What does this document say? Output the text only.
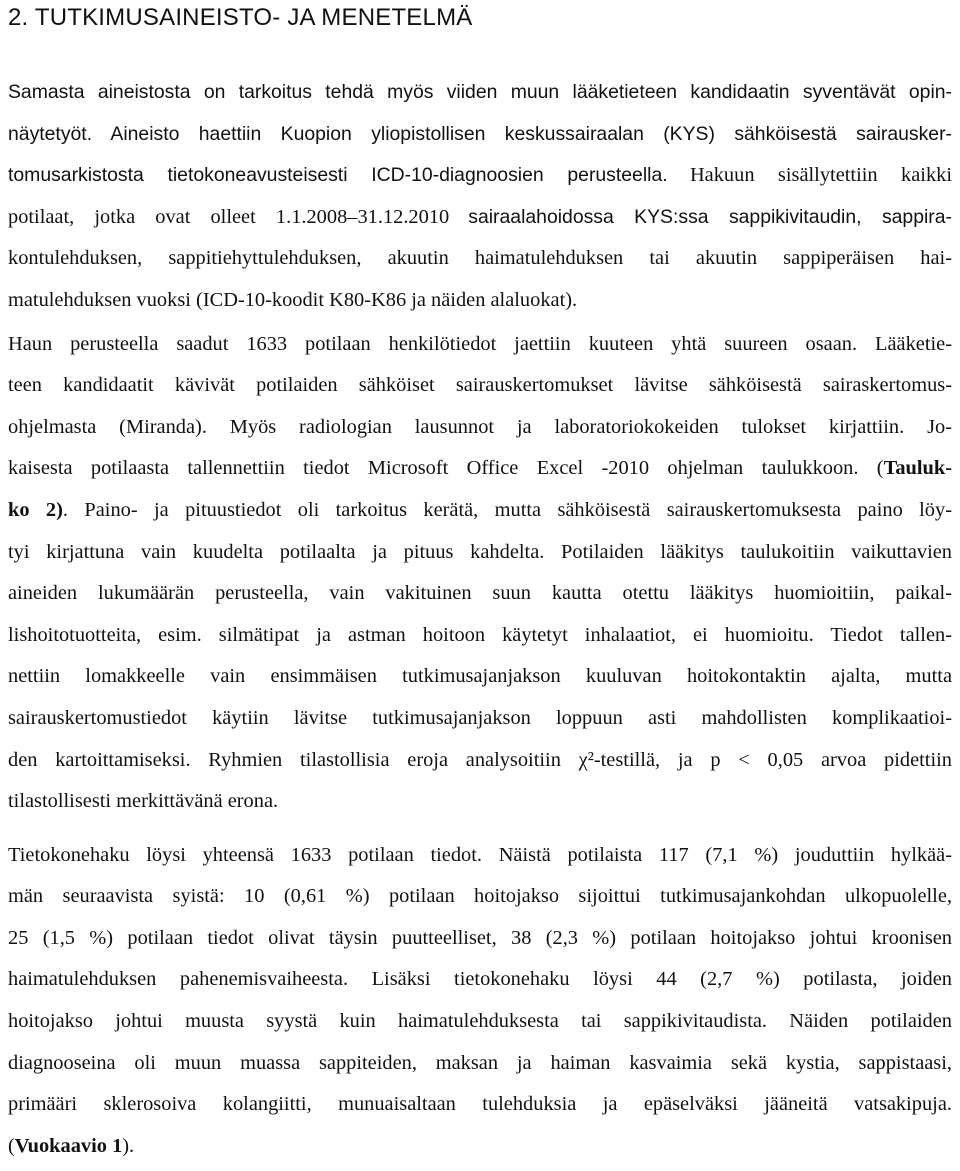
2. TUTKIMUSAINEISTO- JA MENETELMÄ
Samasta aineistosta on tarkoitus tehdä myös viiden muun lääketieteen kandidaatin syventävät opin-
näytetyöt. Aineisto haettiin Kuopion yliopistollisen keskussairaalan (KYS) sähköisestä sairausker-
tomusarkistosta tietokoneavusteisesti ICD-10-diagnoosien perusteella. Hakuun sisällytettiin kaikki
potilaat, jotka ovat olleet 1.1.2008–31.12.2010 sairaalahoidossa KYS:ssa sappikivitaudin, sappira-
kontulehduksen, sappitiehyttulehduksen, akuutin haimatulehduksen tai akuutin sappiperäisen hai-
matulehduksen vuoksi (ICD-10-koodit K80-K86 ja näiden alaluokat).
Haun perusteella saadut 1633 potilaan henkilötiedot jaettiin kuuteen yhtä suureen osaan. Lääketie-
teen kandidaatit kävivät potilaiden sähköiset sairauskertomukset lävitse sähköisestä sairaskertomus-
ohjelmasta (Miranda). Myös radiologian lausunnot ja laboratoriokokeiden tulokset kirjattiin. Jo-
kaisesta potilaasta tallennettiin tiedot Microsoft Office Excel -2010 ohjelman taulukkoon. (Tauluk-
ko 2). Paino- ja pituustiedot oli tarkoitus kerätä, mutta sähköisestä sairauskertomuksesta paino löy-
tyi kirjattuna vain kuudelta potilaalta ja pituus kahdelta. Potilaiden lääkitys taulukoitiin vaikuttavien
aineiden lukumäärän perusteella, vain vakituinen suun kautta otettu lääkitys huomioitiin, paikal-
lishoitotuotteita, esim. silmätipat ja astman hoitoon käytetyt inhalaatiot, ei huomioitu. Tiedot tallen-
nettiin lomakkeelle vain ensimmäisen tutkimusajanjakson kuuluvan hoitokontaktin ajalta, mutta
sairauskertomustiedot käytiin lävitse tutkimusajanjakson loppuun asti mahdollisten komplikaatioi-
den kartoittamiseksi. Ryhmien tilastollisia eroja analysoitiin χ²-testillä, ja p < 0,05 arvoa pidettiin
tilastollisesti merkittävänä erona.
Tietokonehaku löysi yhteensä 1633 potilaan tiedot. Näistä potilaista 117 (7,1 %) jouduttiin hylkää-
män seuraavista syistä: 10 (0,61 %) potilaan hoitojakso sijoittui tutkimusajankohdan ulkopuolelle,
25 (1,5 %) potilaan tiedot olivat täysin puutteelliset, 38 (2,3 %) potilaan hoitojakso johtui kroonisen
haimatulehduksen pahenemisvaiheesta. Lisäksi tietokonehaku löysi 44 (2,7 %) potilasta, joiden
hoitojakso johtui muusta syystä kuin haimatulehduksesta tai sappikivitaudista. Näiden potilaiden
diagnooseina oli muun muassa sappiteiden, maksan ja haiman kasvaimia sekä kystia, sappistaasi,
primääri sklerosoiva kolangiitti, munuaisaltaan tulehduksia ja epäselväksi jääneitä vatsakipuja.
(Vuokaavio 1).
